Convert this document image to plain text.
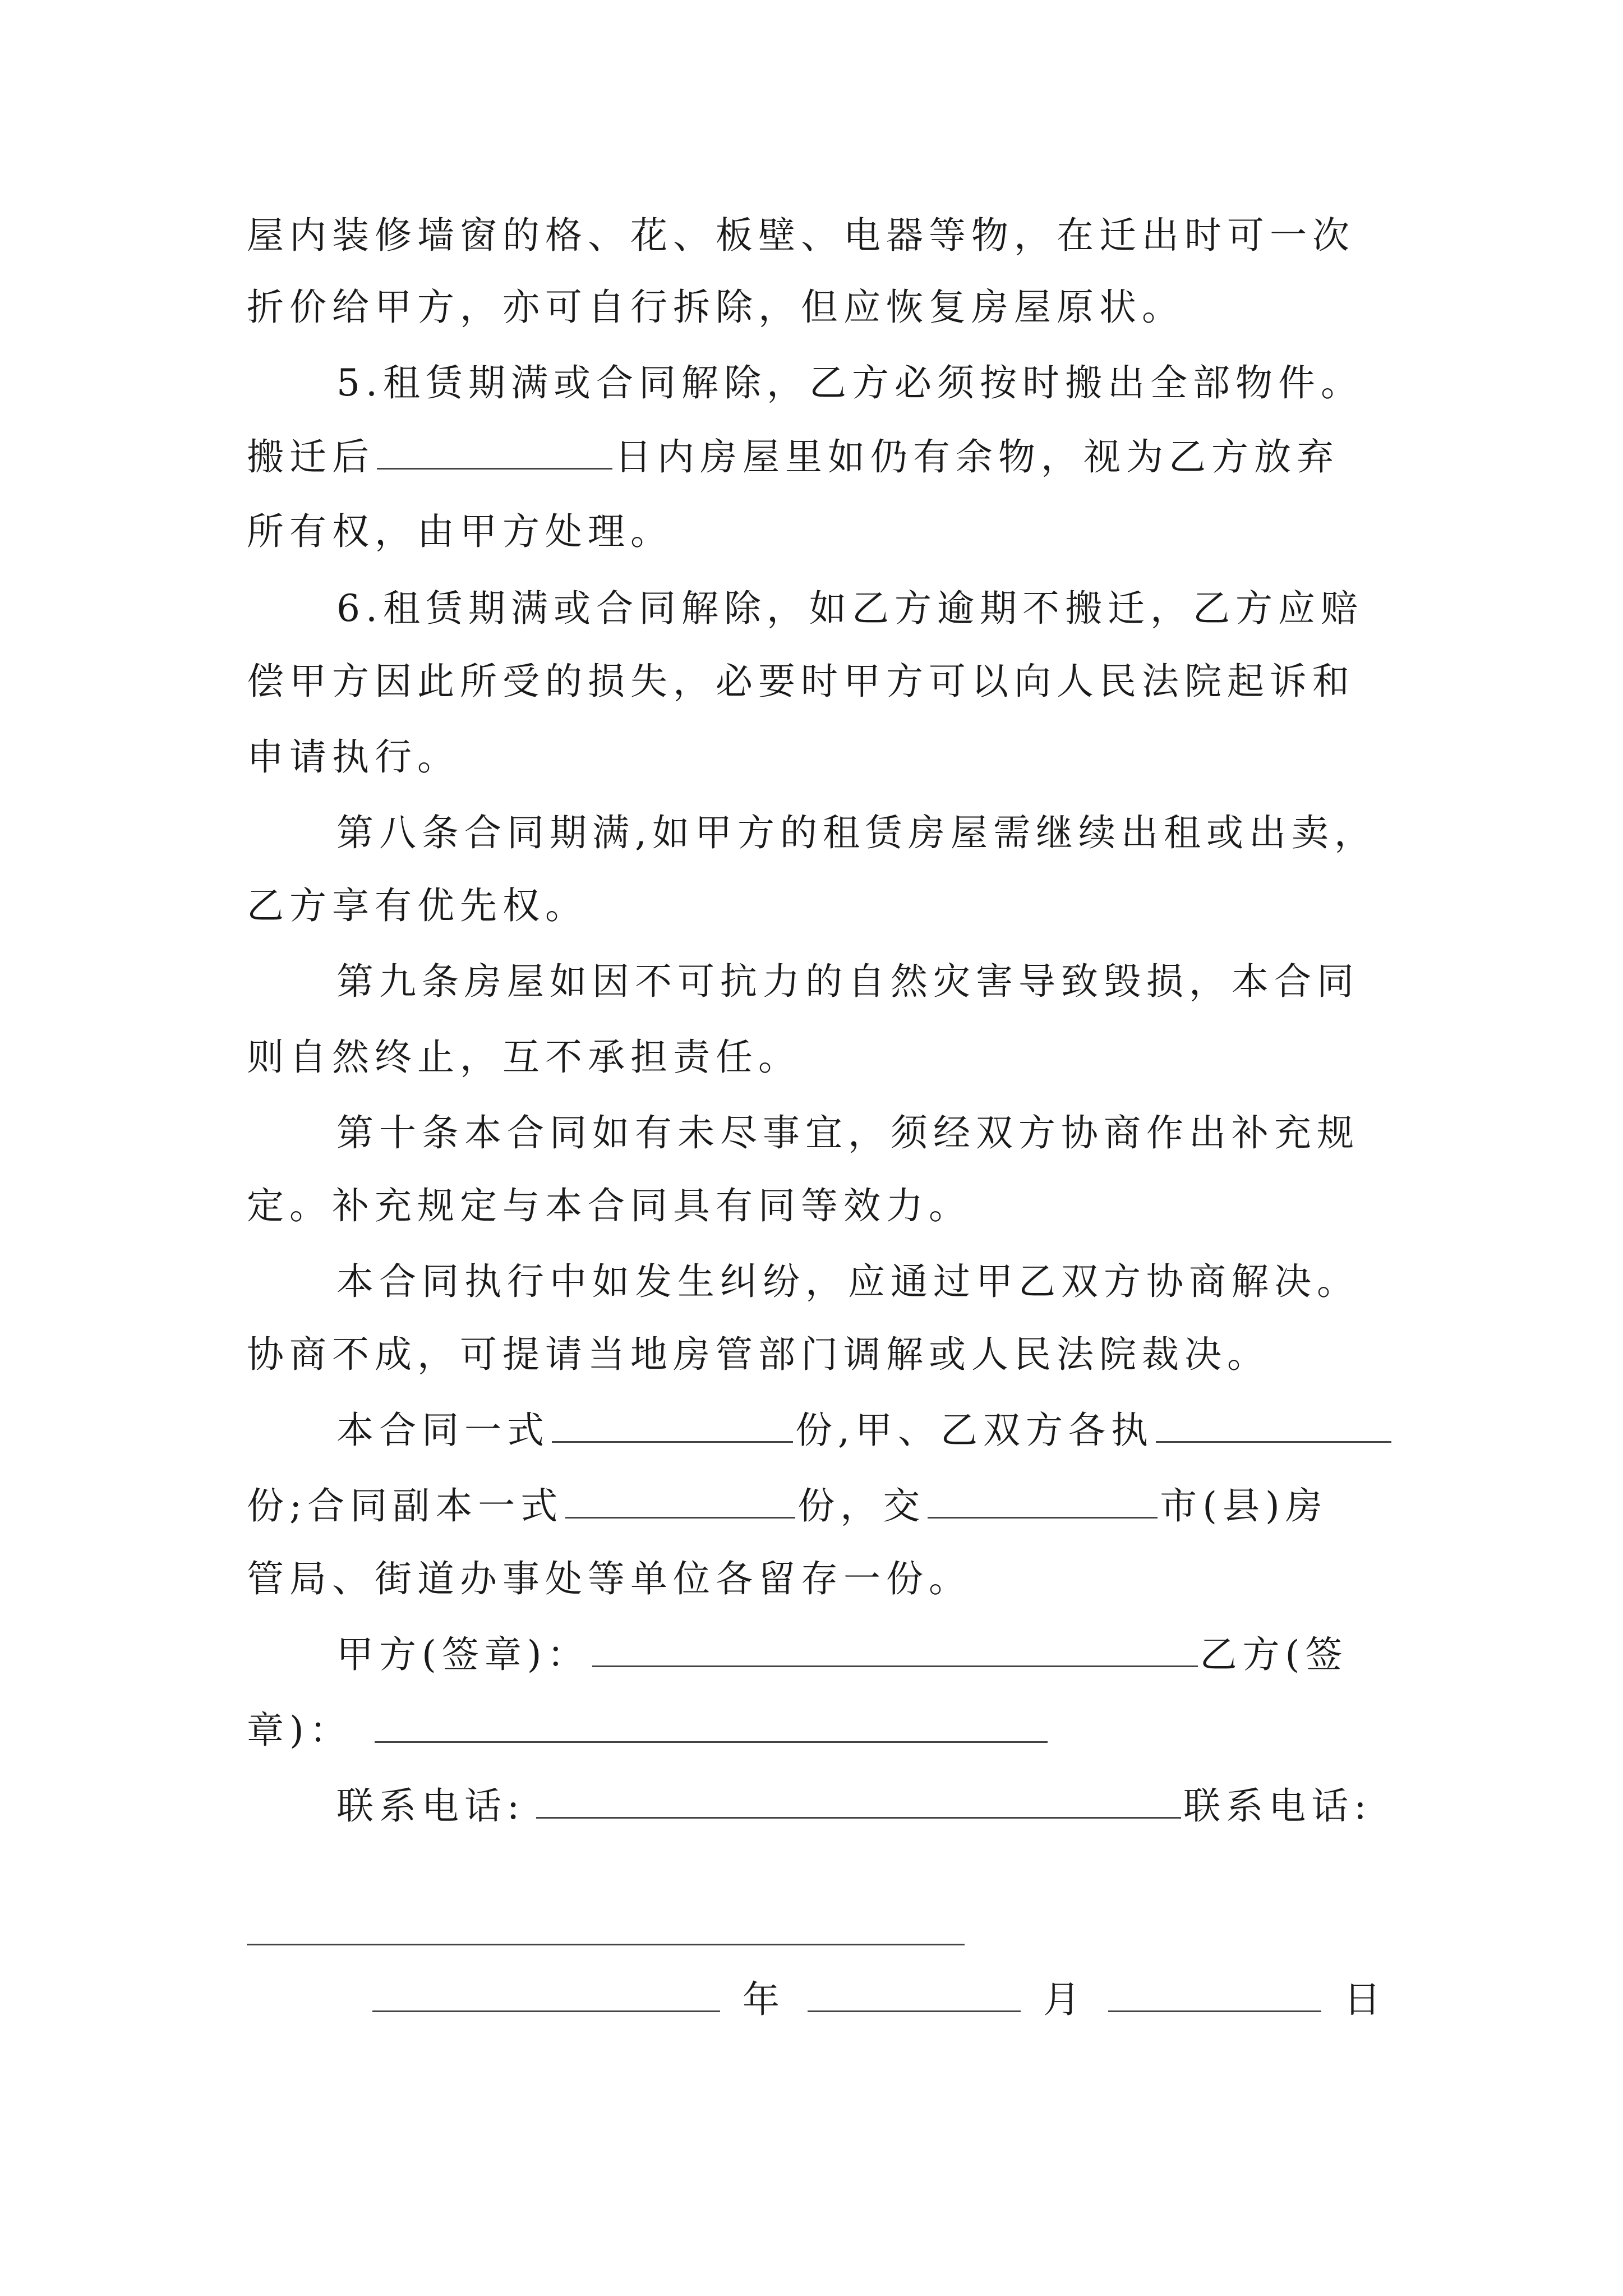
屋内装修墙窗的格、花、板壁、电器等物，在迁出时可一次
折价给甲方，亦可自行拆除，但应恢复房屋原状。
5.租赁期满或合同解除，乙方必须按时搬出全部物件。
搬迁后	日内房屋里如仍有余物，视为乙方放弃
所有权，由甲方处理。
6.租赁期满或合同解除，如乙方逾期不搬迁，乙方应赔
偿甲方因此所受的损失，必要时甲方可以向人民法院起诉和
申请执行。
第八条合同期满,如甲方的租赁房屋需继续出租或出卖，
乙方享有优先权。
第九条房屋如因不可抗力的自然灾害导致毁损，本合同
则自然终止，互不承担责任。
第十条本合同如有未尽事宜，须经双方协商作出补充规
定。补充规定与本合同具有同等效力。
本合同执行中如发生纠纷，应通过甲乙双方协商解决。
协商不成，可提请当地房管部门调解或人民法院裁决。
本合同一式	份,甲、乙双方各执
份;合同副本一式	份，交	市(县)房
管局、街道办事处等单位各留存一份。
甲方(签章)：	乙方(签
章)：
联系电话:	联系电话:
年	月	日
